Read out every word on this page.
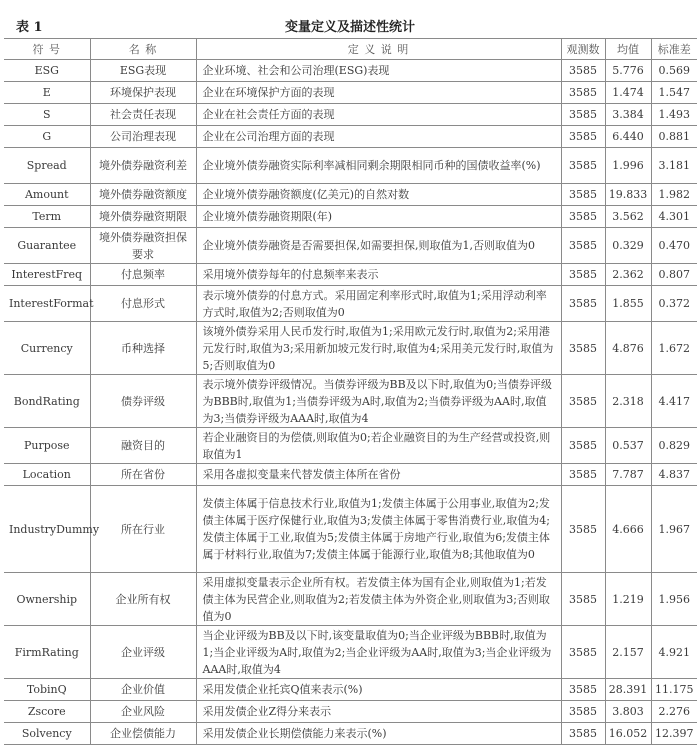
表 1	变量定义及描述性统计
符 号	名 称	定 义 说 明	观测数	均值	标准差
ESG	ESG表现	企业环境、社会和公司治理(ESG)表现	3585	5.776	0.569
E	环境保护表现	企业在环境保护方面的表现	3585	1.474	1.547
S	社会责任表现	企业在社会责任方面的表现	3585	3.384	1.493
G	公司治理表现	企业在公司治理方面的表现	3585	6.440	0.881
Spread	境外债券融资利差	企业境外债券融资实际利率减相同剩余期限相同币种的国债收益率(%)	3585	1.996	3.181
Amount	境外债券融资额度	企业境外债券融资额度(亿美元)的自然对数	3585	19.833	1.982
Term	境外债券融资期限	企业境外债券融资期限(年)	3585	3.562	4.301
Guarantee	境外债券融资担保要求	企业境外债券融资是否需要担保,如需要担保,则取值为1,否则取值为0	3585	0.329	0.470
InterestFreq	付息频率	采用境外债券每年的付息频率来表示	3585	2.362	0.807
InterestFormat	付息形式	表示境外债券的付息方式。采用固定利率形式时,取值为1;采用浮动利率方式时,取值为2;否则取值为0	3585	1.855	0.372
Currency	币种选择	该境外债券采用人民币发行时,取值为1;采用欧元发行时,取值为2;采用港元发行时,取值为3;采用新加坡元发行时,取值为4;采用美元发行时,取值为5;否则取值为0	3585	4.876	1.672
BondRating	债券评级	表示境外债券评级情况。当债券评级为BB及以下时,取值为0;当债券评级为BBB时,取值为1;当债券评级为A时,取值为2;当债券评级为AA时,取值为3;当债券评级为AAA时,取值为4	3585	2.318	4.417
Purpose	融资目的	若企业融资目的为偿债,则取值为0;若企业融资目的为生产经营或投资,则取值为1	3585	0.537	0.829
Location	所在省份	采用各虚拟变量来代替发债主体所在省份	3585	7.787	4.837
IndustryDummy	所在行业	发债主体属于信息技术行业,取值为1;发债主体属于公用事业,取值为2;发债主体属于医疗保健行业,取值为3;发债主体属于零售消费行业,取值为4;发债主体属于工业,取值为5;发债主体属于房地产行业,取值为6;发债主体属于材料行业,取值为7;发债主体属于能源行业,取值为8;其他取值为0	3585	4.666	1.967
Ownership	企业所有权	采用虚拟变量表示企业所有权。若发债主体为国有企业,则取值为1;若发债主体为民营企业,则取值为2;若发债主体为外资企业,则取值为3;否则取值为0	3585	1.219	1.956
FirmRating	企业评级	当企业评级为BB及以下时,该变量取值为0;当企业评级为BBB时,取值为1;当企业评级为A时,取值为2;当企业评级为AA时,取值为3;当企业评级为AAA时,取值为4	3585	2.157	4.921
TobinQ	企业价值	采用发债企业托宾Q值来表示(%)	3585	28.391	11.175
Zscore	企业风险	采用发债企业Z得分来表示	3585	3.803	2.276
Solvency	企业偿债能力	采用发债企业长期偿债能力来表示(%)	3585	16.052	12.397
